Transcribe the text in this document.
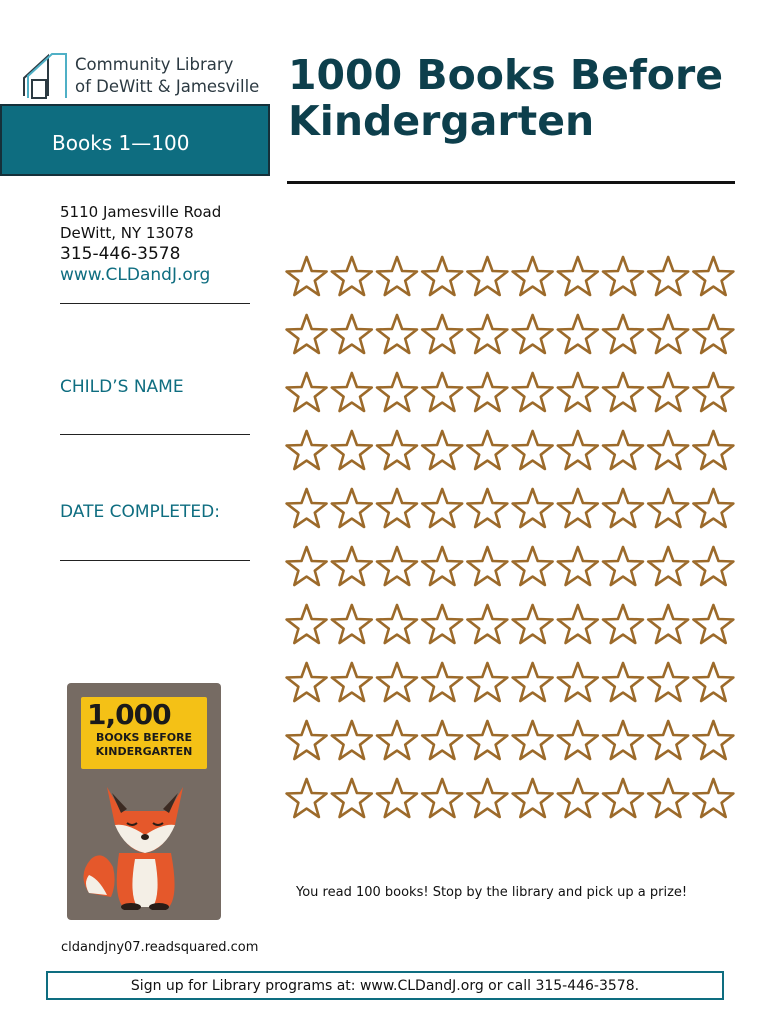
Community Library
of DeWitt & Jamesville 1000 Books Before Kindergarten
Books 1—100
5110 Jamesville Road
DeWitt, NY 13078
315-446-3578
www.CLDandJ.org
CHILD’S NAME
DATE COMPLETED:
You read 100 books! Stop by the library and pick up a prize!
1,000
BOOKS BEFORE KINDERGARTEN
cldandjny07.readsquared.com
Sign up for Library programs at: www.CLDandJ.org or call 315-446-3578.
